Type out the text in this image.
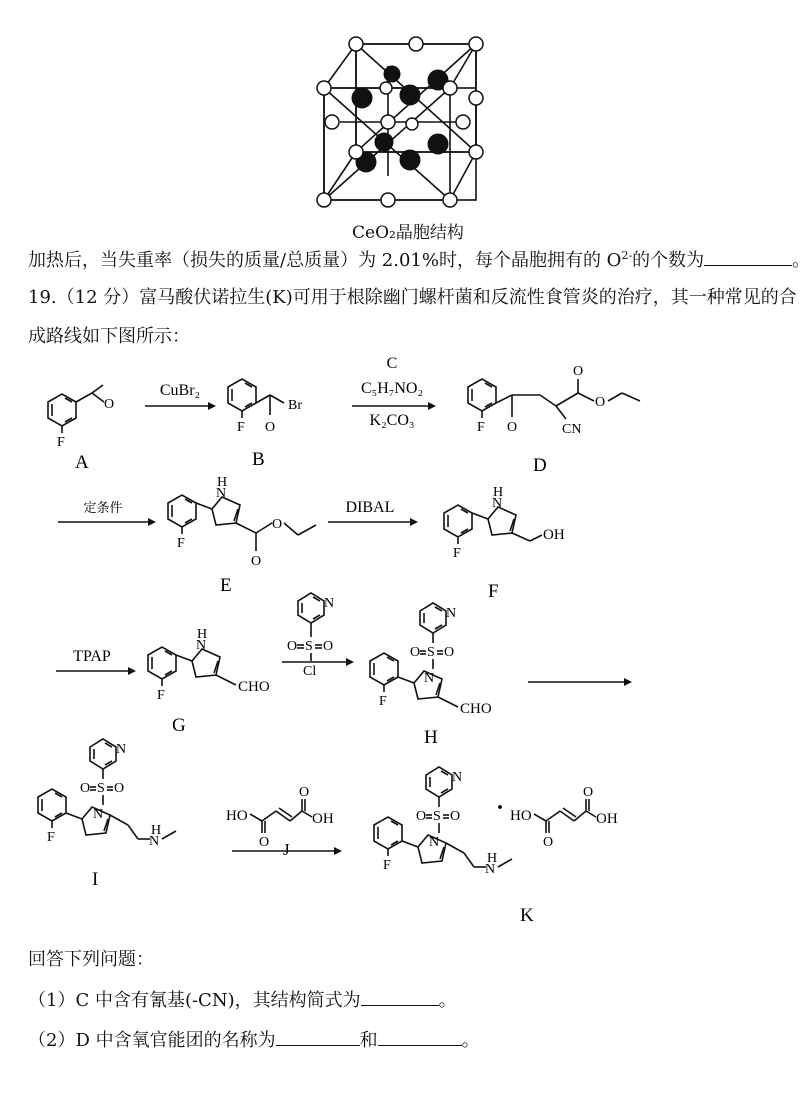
CeO₂晶胞结构
加热后，当失重率（损失的质量/总质量）为 2.01%时，每个晶胞拥有的 $O^{2-}$的个数为	。
19.（12 分）富马酸伏诺拉生(K)可用于根除幽门螺杆菌和反流性食管炎的治疗，其一种常见的合
成路线如下图所示：
F
O
A
CuBr₂
F O
Br
B
C
C₅H₇NO₂
K₂CO₃	F O	CN
O
O
D
定条件
F
N
H
O
O
E
DIBAL
F
N
H
OH
F
TPAP
F
N
H
CHO
G
N
S
O O
Cl
N
S
O O
F
N
CHO
H
N
S
O O
F
N
N
H
I
HO
O
O
OH
J
N
S
O O
F
N
N
H
· HO
O
O
OH
K
回答下列问题：
（1）C 中含有氰基(-CN)，其结构简式为	。
（2）D 中含氧官能团的名称为	和	。
